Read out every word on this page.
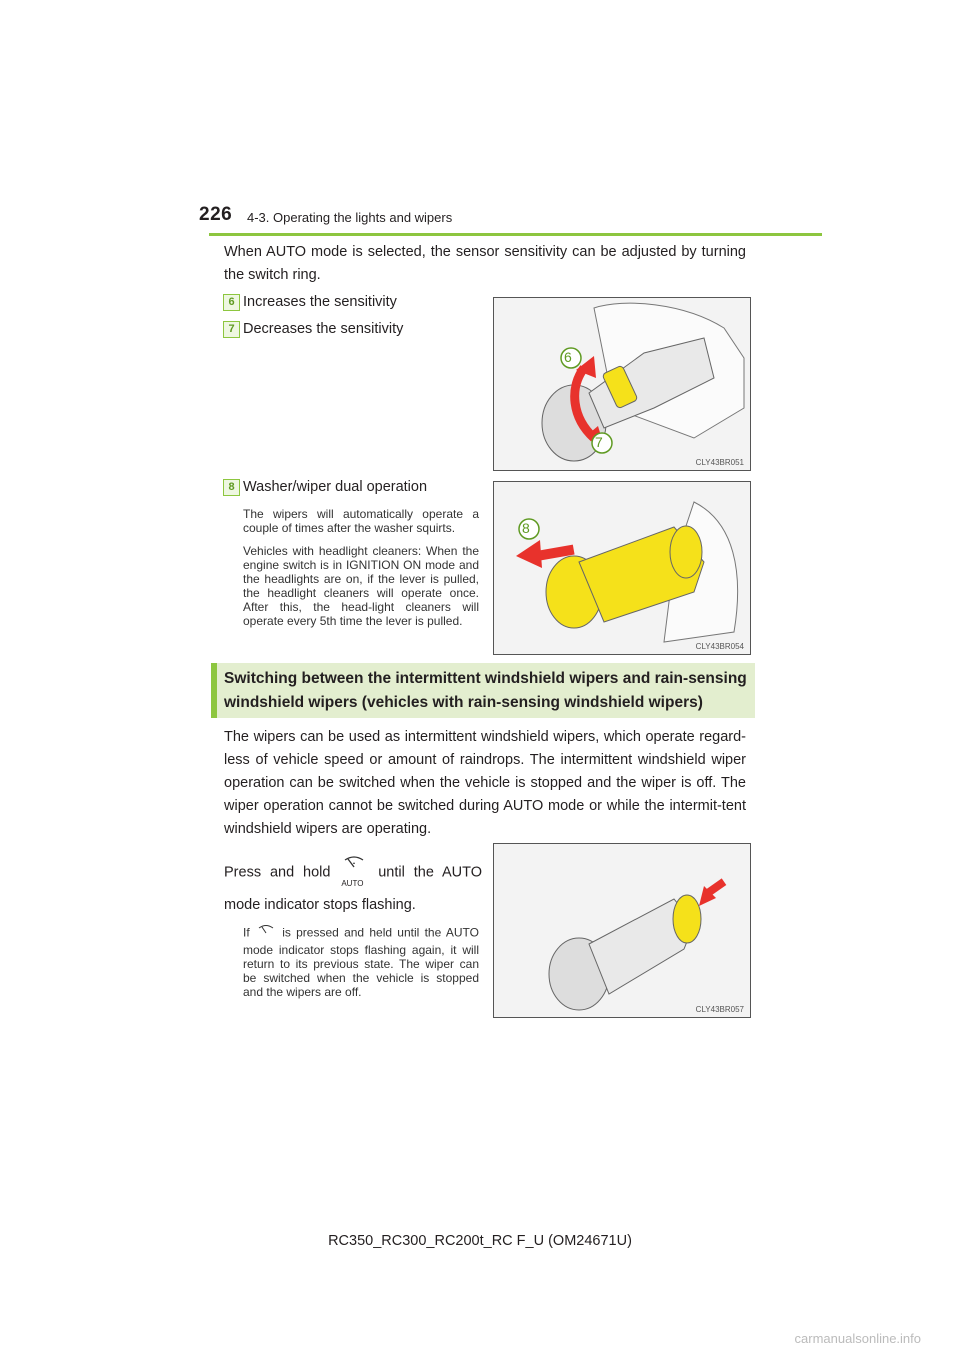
226 4-3. Operating the lights and wipers
When AUTO mode is selected, the sensor sensitivity can be adjusted by turning the switch ring.
6 Increases the sensitivity
7 Decreases the sensitivity
6
7
CLY43BR051
8 Washer/wiper dual operation
The wipers will automatically operate a couple of times after the washer squirts.
Vehicles with headlight cleaners: When the engine switch is in IGNITION ON mode and the headlights are on, if the lever is pulled, the headlight cleaners will operate once. After this, the head-light cleaners will operate every 5th time the lever is pulled.
8
CLY43BR054
Switching between the intermittent windshield wipers and rain-sensing windshield wipers (vehicles with rain-sensing windshield wipers)
The wipers can be used as intermittent windshield wipers, which operate regard-less of vehicle speed or amount of raindrops. The intermittent windshield wiper operation can be switched when the vehicle is stopped and the wiper is off. The wiper operation cannot be switched during AUTO mode or while the intermit-tent windshield wipers are operating.
Press and hold
AUTO
until the AUTO mode indicator stops flashing.
If	is pressed and held until the AUTO mode indicator stops flashing again, it will return to its previous state. The wiper can be switched when the vehicle is stopped and the wipers are off.
CLY43BR057
RC350_RC300_RC200t_RC F_U (OM24671U)
carmanualsonline.info
